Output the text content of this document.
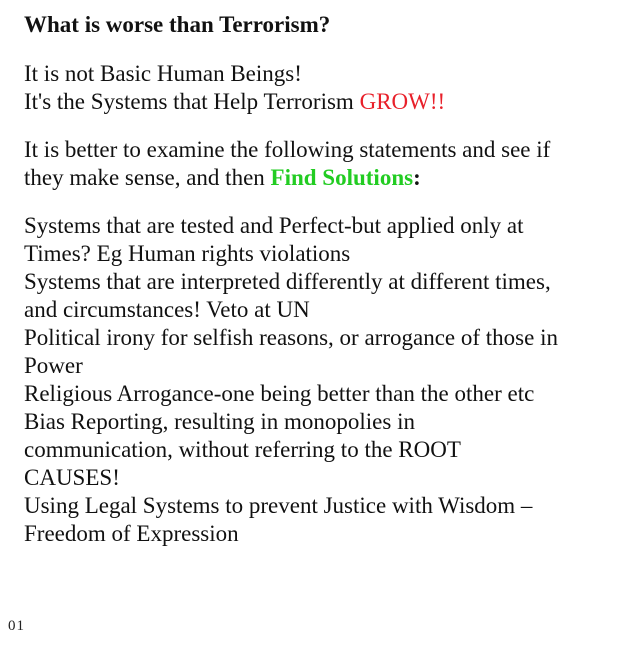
What is worse than Terrorism?
It is not Basic Human Beings!
It's the Systems that Help Terrorism GROW!!
It is better to examine the following statements and see if
they make sense, and then Find Solutions:
Systems that are tested and Perfect-but applied only at
Times? Eg Human rights violations
Systems that are interpreted differently at different times,
and circumstances! Veto at UN
Political irony for selfish reasons, or arrogance of those in
Power
Religious Arrogance-one being better than the other etc
Bias Reporting, resulting in monopolies in
communication, without referring to the ROOT
CAUSES!
Using Legal Systems to prevent Justice with Wisdom –
Freedom of Expression
01
